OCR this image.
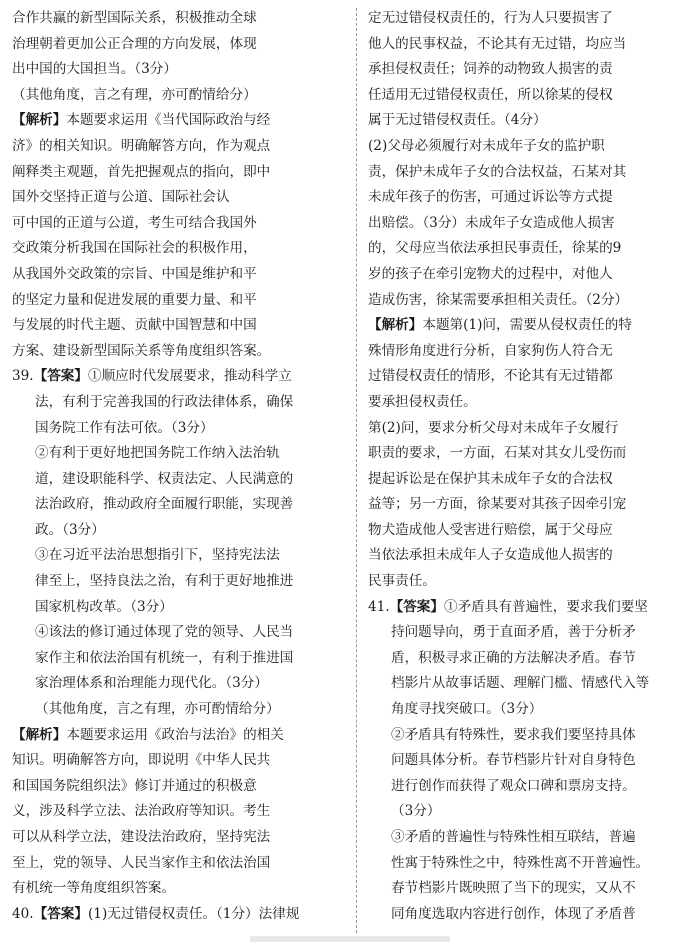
合作共赢的新型国际关系，积极推动全球
治理朝着更加公正合理的方向发展，体现
出中国的大国担当。（3分）
（其他角度，言之有理，亦可酌情给分）
【解析】本题要求运用《当代国际政治与经
济》的相关知识。明确解答方向，作为观点
阐释类主观题，首先把握观点的指向，即中
国外交坚持正道与公道、国际社会认
可中国的正道与公道，考生可结合我国外
交政策分析我国在国际社会的积极作用，
从我国外交政策的宗旨、中国是维护和平
的坚定力量和促进发展的重要力量、和平
与发展的时代主题、贡献中国智慧和中国
方案、建设新型国际关系等角度组织答案。
39.【答案】①顺应时代发展要求，推动科学立
法，有利于完善我国的行政法律体系，确保
国务院工作有法可依。（3分）
②有利于更好地把国务院工作纳入法治轨
道，建设职能科学、权责法定、人民满意的
法治政府，推动政府全面履行职能，实现善
政。（3分）
③在习近平法治思想指引下，坚持宪法法
律至上，坚持良法之治，有利于更好地推进
国家机构改革。（3分）
④该法的修订通过体现了党的领导、人民当
家作主和依法治国有机统一，有利于推进国
家治理体系和治理能力现代化。（3分）
（其他角度，言之有理，亦可酌情给分）
【解析】本题要求运用《政治与法治》的相关
知识。明确解答方向，即说明《中华人民共
和国国务院组织法》修订并通过的积极意
义，涉及科学立法、法治政府等知识。考生
可以从科学立法，建设法治政府，坚持宪法
至上，党的领导、人民当家作主和依法治国
有机统一等角度组织答案。
40.【答案】(1)无过错侵权责任。（1分）法律规
定无过错侵权责任的，行为人只要损害了
他人的民事权益，不论其有无过错，均应当
承担侵权责任；饲养的动物致人损害的责
任适用无过错侵权责任，所以徐某的侵权
属于无过错侵权责任。（4分）
(2)父母必须履行对未成年子女的监护职
责，保护未成年子女的合法权益，石某对其
未成年孩子的伤害，可通过诉讼等方式提
出赔偿。（3分）未成年子女造成他人损害
的，父母应当依法承担民事责任，徐某的9
岁的孩子在牵引宠物犬的过程中，对他人
造成伤害，徐某需要承担相关责任。（2分）
【解析】本题第(1)问，需要从侵权责任的特
殊情形角度进行分析，自家狗伤人符合无
过错侵权责任的情形，不论其有无过错都
要承担侵权责任。
第(2)问，要求分析父母对未成年子女履行
职责的要求，一方面，石某对其女儿受伤而
提起诉讼是在保护其未成年子女的合法权
益等；另一方面，徐某要对其孩子因牵引宠
物犬造成他人受害进行赔偿，属于父母应
当依法承担未成年人子女造成他人损害的
民事责任。
41.【答案】①矛盾具有普遍性，要求我们要坚
持问题导向，勇于直面矛盾，善于分析矛
盾，积极寻求正确的方法解决矛盾。春节
档影片从故事话题、理解门槛、情感代入等
角度寻找突破口。（3分）
②矛盾具有特殊性，要求我们要坚持具体
问题具体分析。春节档影片针对自身特色
进行创作而获得了观众口碑和票房支持。
（3分）
③矛盾的普遍性与特殊性相互联结，普遍
性寓于特殊性之中，特殊性离不开普遍性。
春节档影片既映照了当下的现实，又从不
同角度选取内容进行创作，体现了矛盾普
